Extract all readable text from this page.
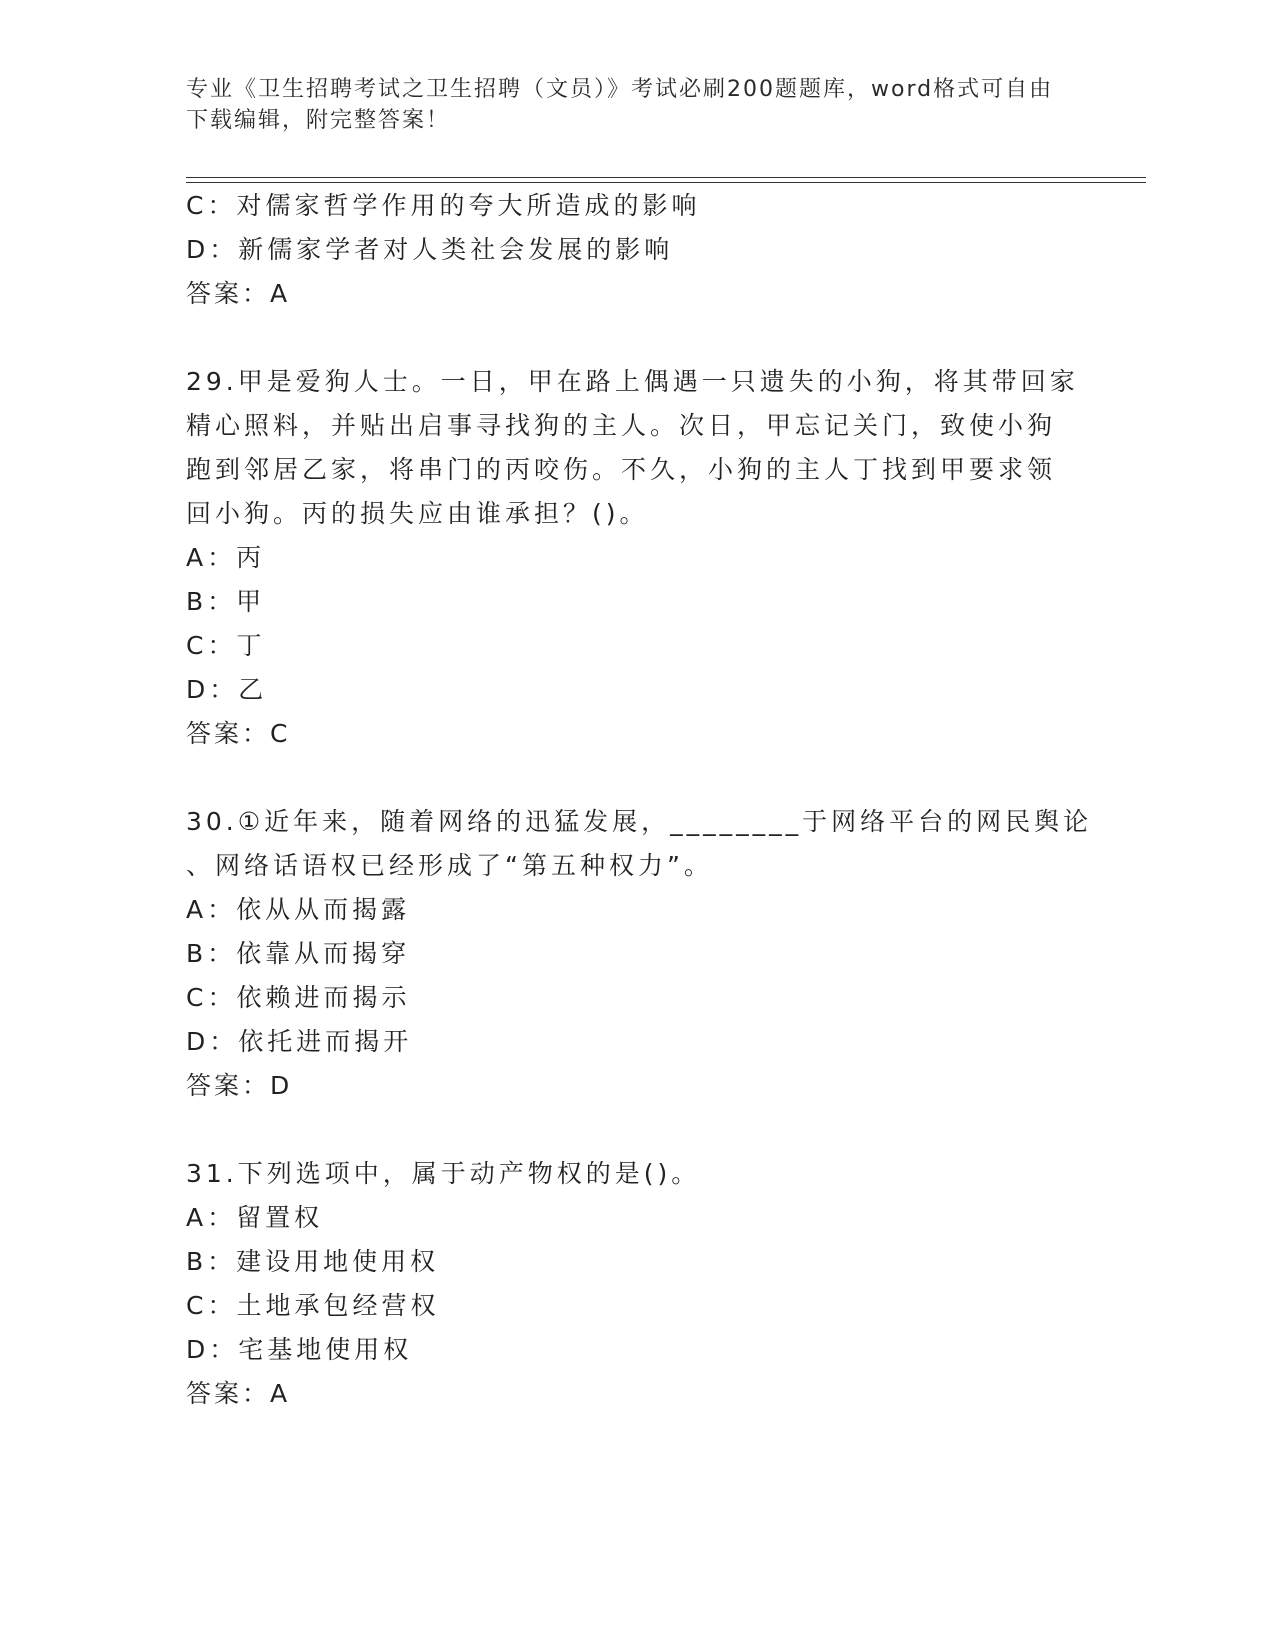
专业《卫生招聘考试之卫生招聘（文员）》考试必刷200题题库，word格式可自由下载编辑，附完整答案！
C：对儒家哲学作用的夸大所造成的影响
D：新儒家学者对人类社会发展的影响
答案：A
29.甲是爱狗人士。一日，甲在路上偶遇一只遗失的小狗，将其带回家
精心照料，并贴出启事寻找狗的主人。次日，甲忘记关门，致使小狗
跑到邻居乙家，将串门的丙咬伤。不久，小狗的主人丁找到甲要求领
回小狗。丙的损失应由谁承担？()。
A：丙
B：甲
C：丁
D：乙
答案：C
30.①近年来，随着网络的迅猛发展，________于网络平台的网民舆论
、网络话语权已经形成了“第五种权力”。
A：依从从而揭露
B：依靠从而揭穿
C：依赖进而揭示
D：依托进而揭开
答案：D
31.下列选项中，属于动产物权的是()。
A：留置权
B：建设用地使用权
C：土地承包经营权
D：宅基地使用权
答案：A
